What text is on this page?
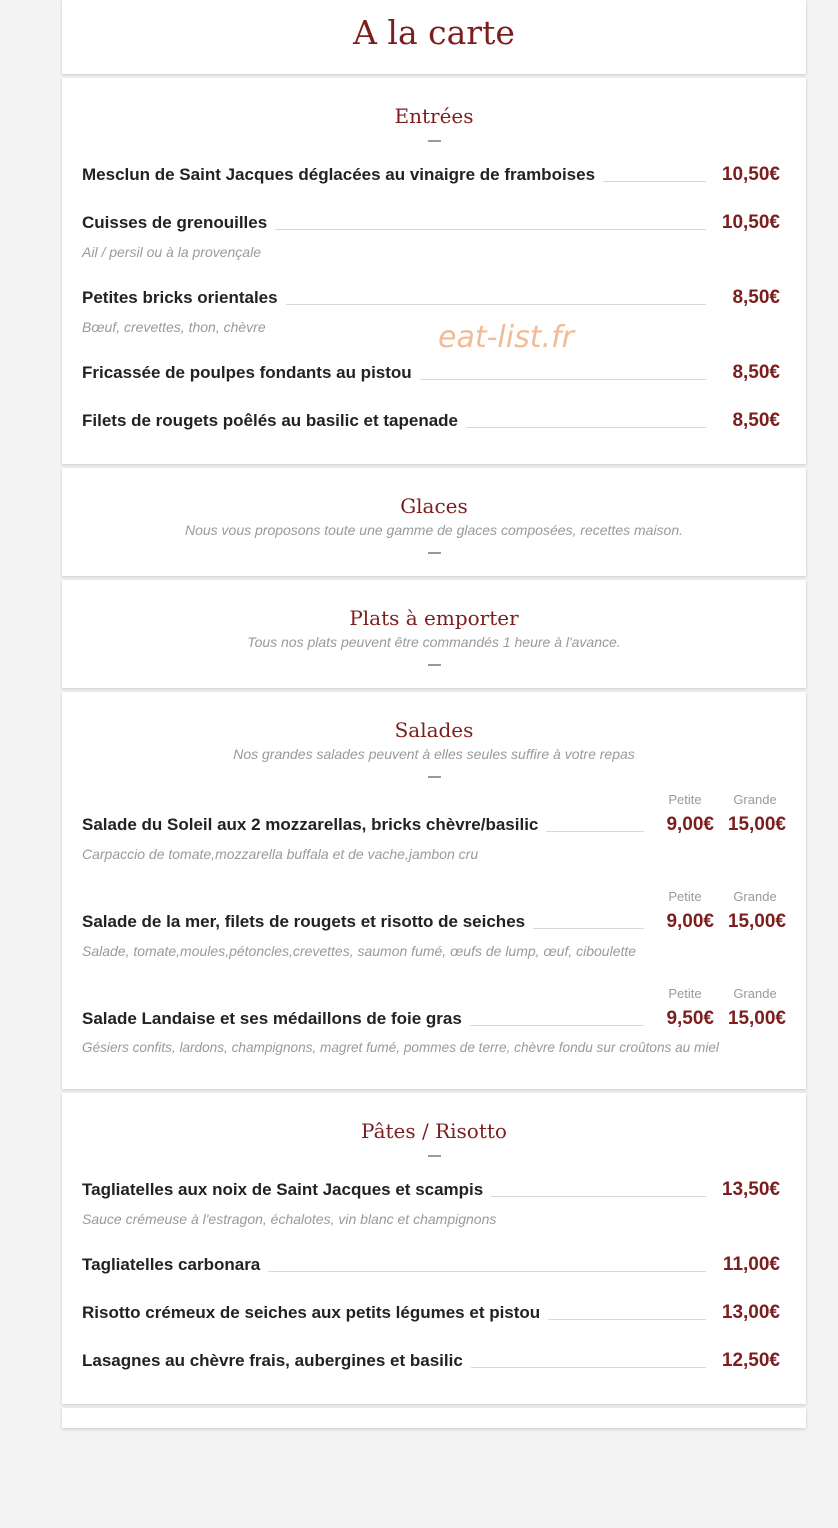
A la carte
Entrées
Mesclun de Saint Jacques déglacées au vinaigre de framboises	10,50€
Cuisses de grenouilles	10,50€
Ail / persil ou à la provençale
Petites bricks orientales	8,50€
Bœuf, crevettes, thon, chèvre
Fricassée de poulpes fondants au pistou	8,50€
Filets de rougets poêlés au basilic et tapenade	8,50€
Glaces

Nous vous proposons toute une gamme de glaces composées, recettes maison.

Plats à emporter

Tous nos plats peuvent être commandés 1 heure à l'avance.

Salades

Nos grandes salades peuvent à elles seules suffire à votre repas

Salade du Soleil aux 2 mozzarellas, bricks chèvre/basilic
Petite
9,00€
Grande
15,00€
Carpaccio de tomate,mozzarella buffala et de vache,jambon cru
Salade de la mer, filets de rougets et risotto de seiches
Petite
9,00€
Grande
15,00€
Salade, tomate,moules,pétoncles,crevettes, saumon fumé, œufs de lump, œuf, ciboulette
Salade Landaise et ses médaillons de foie gras
Petite
9,50€
Grande
15,00€
Gésiers confits, lardons, champignons, magret fumé, pommes de terre, chèvre fondu sur croûtons au miel
Pâtes / Risotto
Tagliatelles aux noix de Saint Jacques et scampis	13,50€
Sauce crémeuse à l'estragon, échalotes, vin blanc et champignons
Tagliatelles carbonara	11,00€
Risotto crémeux de seiches aux petits légumes et pistou	13,00€
Lasagnes au chèvre frais, aubergines et basilic	12,50€
eat-list.fr
